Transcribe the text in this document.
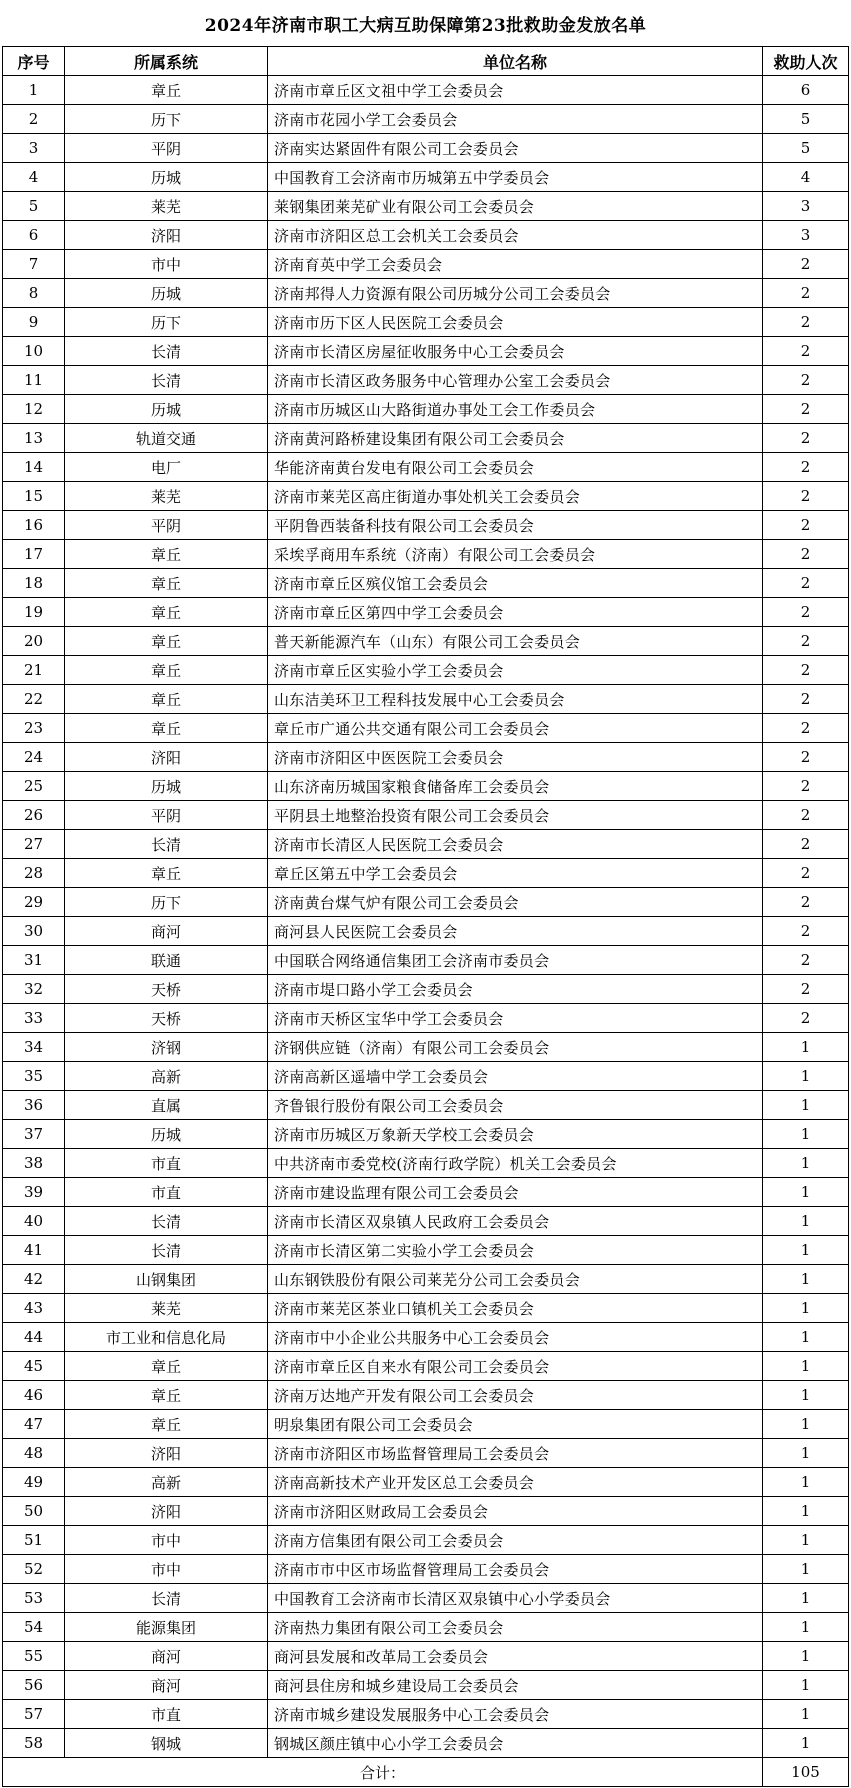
2024年济南市职工大病互助保障第23批救助金发放名单
序号	所属系统	单位名称	救助人次
1	章丘	济南市章丘区文祖中学工会委员会	6
2	历下	济南市花园小学工会委员会	5
3	平阴	济南实达紧固件有限公司工会委员会	5
4	历城	中国教育工会济南市历城第五中学委员会	4
5	莱芜	莱钢集团莱芜矿业有限公司工会委员会	3
6	济阳	济南市济阳区总工会机关工会委员会	3
7	市中	济南育英中学工会委员会	2
8	历城	济南邦得人力资源有限公司历城分公司工会委员会	2
9	历下	济南市历下区人民医院工会委员会	2
10	长清	济南市长清区房屋征收服务中心工会委员会	2
11	长清	济南市长清区政务服务中心管理办公室工会委员会	2
12	历城	济南市历城区山大路街道办事处工会工作委员会	2
13	轨道交通	济南黄河路桥建设集团有限公司工会委员会	2
14	电厂	华能济南黄台发电有限公司工会委员会	2
15	莱芜	济南市莱芜区高庄街道办事处机关工会委员会	2
16	平阴	平阴鲁西装备科技有限公司工会委员会	2
17	章丘	采埃孚商用车系统（济南）有限公司工会委员会	2
18	章丘	济南市章丘区殡仪馆工会委员会	2
19	章丘	济南市章丘区第四中学工会委员会	2
20	章丘	普天新能源汽车（山东）有限公司工会委员会	2
21	章丘	济南市章丘区实验小学工会委员会	2
22	章丘	山东洁美环卫工程科技发展中心工会委员会	2
23	章丘	章丘市广通公共交通有限公司工会委员会	2
24	济阳	济南市济阳区中医医院工会委员会	2
25	历城	山东济南历城国家粮食储备库工会委员会	2
26	平阴	平阴县土地整治投资有限公司工会委员会	2
27	长清	济南市长清区人民医院工会委员会	2
28	章丘	章丘区第五中学工会委员会	2
29	历下	济南黄台煤气炉有限公司工会委员会	2
30	商河	商河县人民医院工会委员会	2
31	联通	中国联合网络通信集团工会济南市委员会	2
32	天桥	济南市堤口路小学工会委员会	2
33	天桥	济南市天桥区宝华中学工会委员会	2
34	济钢	济钢供应链（济南）有限公司工会委员会	1
35	高新	济南高新区遥墙中学工会委员会	1
36	直属	齐鲁银行股份有限公司工会委员会	1
37	历城	济南市历城区万象新天学校工会委员会	1
38	市直	中共济南市委党校(济南行政学院）机关工会委员会	1
39	市直	济南市建设监理有限公司工会委员会	1
40	长清	济南市长清区双泉镇人民政府工会委员会	1
41	长清	济南市长清区第二实验小学工会委员会	1
42	山钢集团	山东钢铁股份有限公司莱芜分公司工会委员会	1
43	莱芜	济南市莱芜区茶业口镇机关工会委员会	1
44	市工业和信息化局	济南市中小企业公共服务中心工会委员会	1
45	章丘	济南市章丘区自来水有限公司工会委员会	1
46	章丘	济南万达地产开发有限公司工会委员会	1
47	章丘	明泉集团有限公司工会委员会	1
48	济阳	济南市济阳区市场监督管理局工会委员会	1
49	高新	济南高新技术产业开发区总工会委员会	1
50	济阳	济南市济阳区财政局工会委员会	1
51	市中	济南方信集团有限公司工会委员会	1
52	市中	济南市市中区市场监督管理局工会委员会	1
53	长清	中国教育工会济南市长清区双泉镇中心小学委员会	1
54	能源集团	济南热力集团有限公司工会委员会	1
55	商河	商河县发展和改革局工会委员会	1
56	商河	商河县住房和城乡建设局工会委员会	1
57	市直	济南市城乡建设发展服务中心工会委员会	1
58	钢城	钢城区颜庄镇中心小学工会委员会	1
合计：			105
